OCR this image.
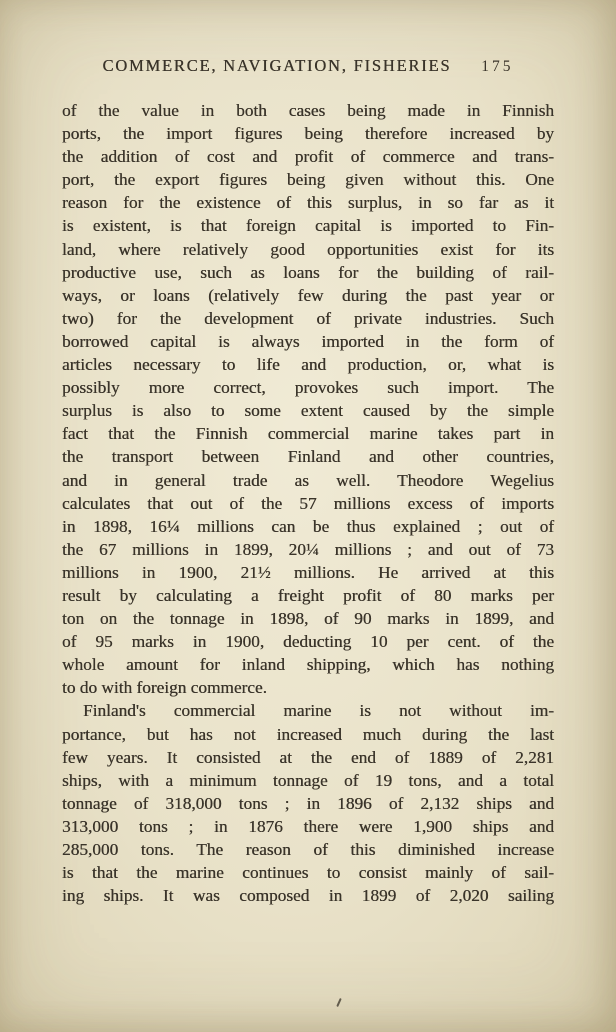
COMMERCE, NAVIGATION, FISHERIES 175
of the value in both cases being made in Finnish
ports, the import figures being therefore increased by
the addition of cost and profit of commerce and trans-
port, the export figures being given without this. One
reason for the existence of this surplus, in so far as it
is existent, is that foreign capital is imported to Fin-
land, where relatively good opportunities exist for its
productive use, such as loans for the building of rail-
ways, or loans (relatively few during the past year or
two) for the development of private industries. Such
borrowed capital is always imported in the form of
articles necessary to life and production, or, what is
possibly more correct, provokes such import. The
surplus is also to some extent caused by the simple
fact that the Finnish commercial marine takes part in
the transport between Finland and other countries,
and in general trade as well. Theodore Wegelius
calculates that out of the 57 millions excess of imports
in 1898, 16¼ millions can be thus explained ; out of
the 67 millions in 1899, 20¼ millions ; and out of 73
millions in 1900, 21½ millions. He arrived at this
result by calculating a freight profit of 80 marks per
ton on the tonnage in 1898, of 90 marks in 1899, and
of 95 marks in 1900, deducting 10 per cent. of the
whole amount for inland shipping, which has nothing
to do with foreign commerce.
Finland's commercial marine is not without im-
portance, but has not increased much during the last
few years. It consisted at the end of 1889 of 2,281
ships, with a minimum tonnage of 19 tons, and a total
tonnage of 318,000 tons ; in 1896 of 2,132 ships and
313,000 tons ; in 1876 there were 1,900 ships and
285,000 tons. The reason of this diminished increase
is that the marine continues to consist mainly of sail-
ing ships. It was composed in 1899 of 2,020 sailing
